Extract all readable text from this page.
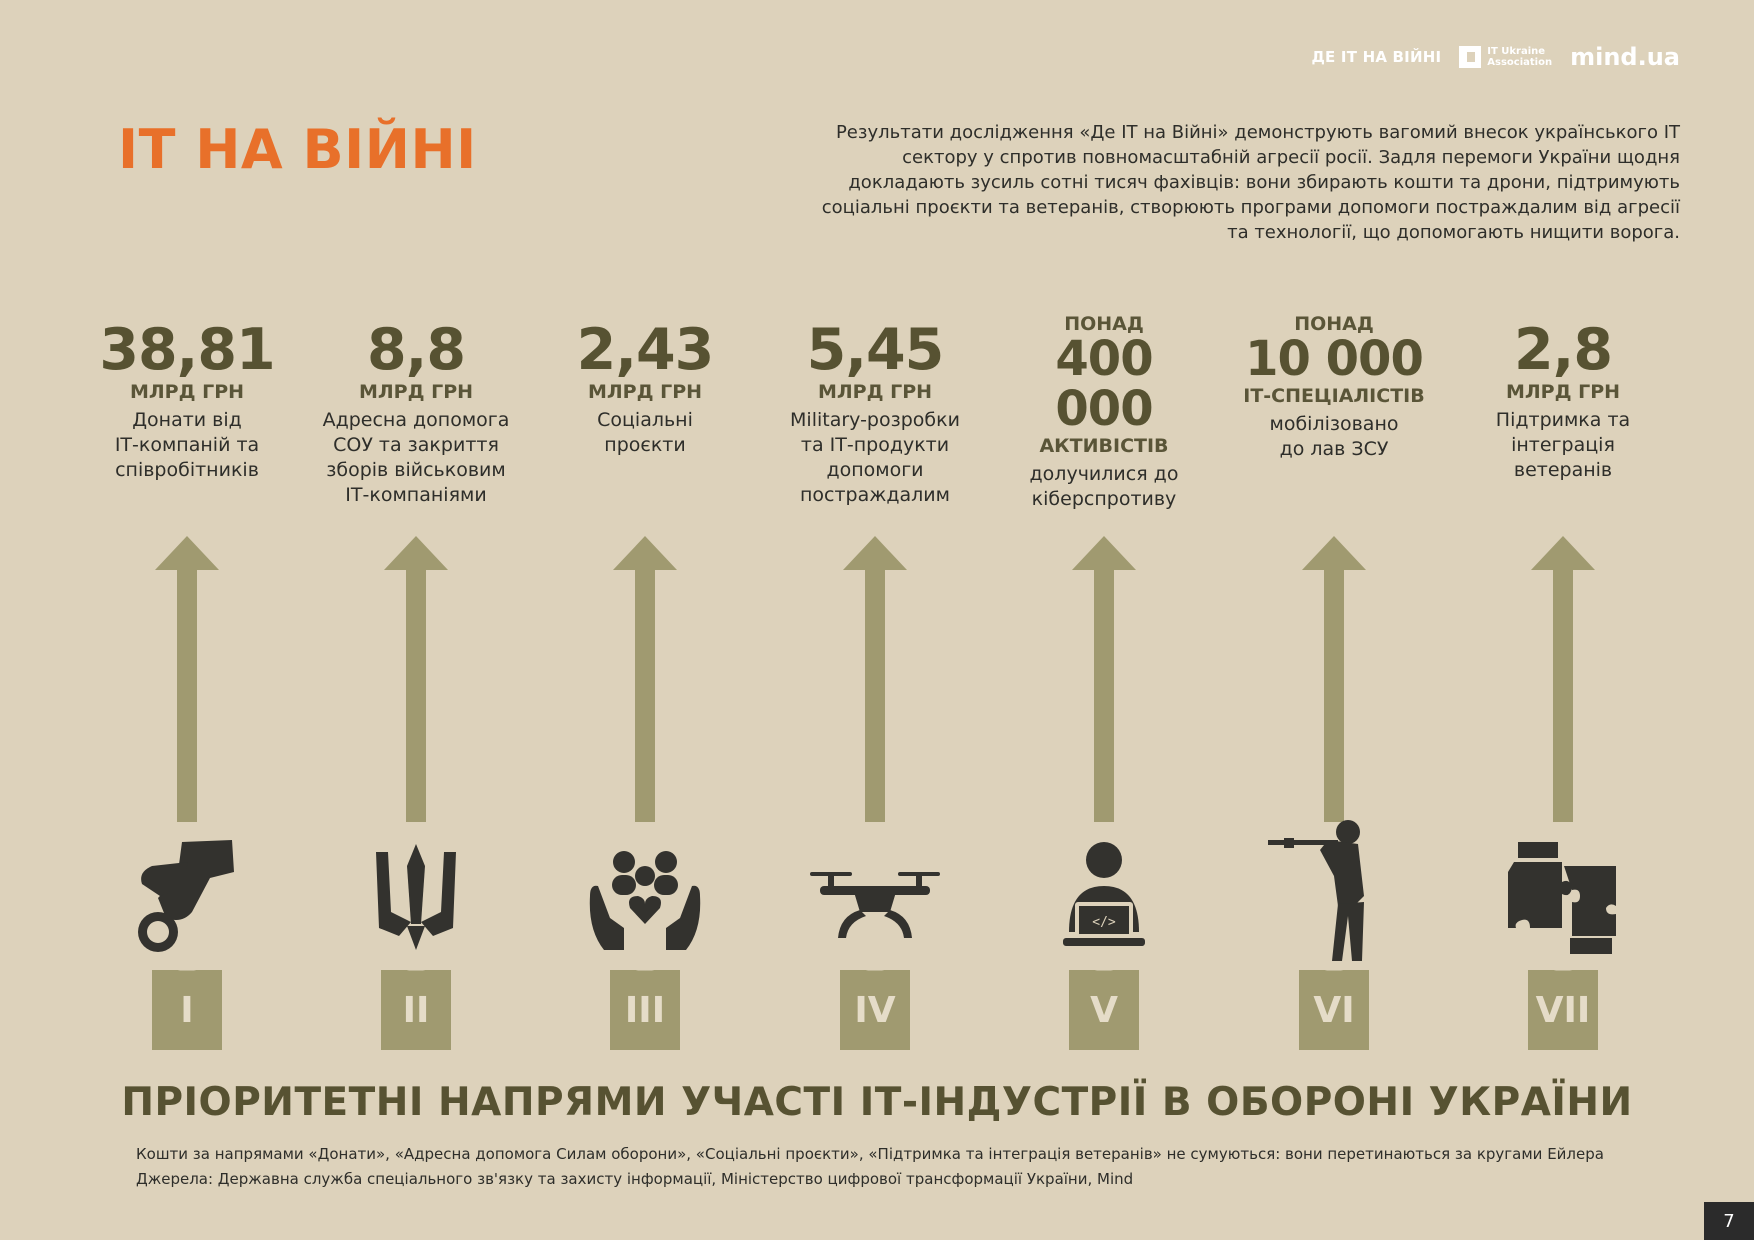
ДЕ ІТ НА ВІЙНІ	IT Ukraine
Association mind.ua
ІТ НА ВІЙНІ	Результати дослідження «Де ІТ на Війні» демонструють вагомий внесок українського ІТ сектору у спротив повномасштабній агресії росії. Задля перемоги України щодня докладають зусиль сотні тисяч фахівців: вони збирають кошти та дрони, підтримують соціальні проєкти та ветеранів, створюють програми допомоги постраждалим від агресії та технології, що допомогають нищити ворога.

38,81
МЛРД ГРН
Донати від
ІТ-компаній та
співробітників
8,8
МЛРД ГРН
Адресна допомога
СОУ та закриття
зборів військовим
ІТ-компаніями
2,43
МЛРД ГРН
Соціальні
проєкти
5,45
МЛРД ГРН
Military-розробки
та ІТ-продукти
допомоги
постраждалим
ПОНАД
400 000
АКТИВІСТІВ
долучилися до
кіберспротиву
ПОНАД
10 000
ІТ-СПЕЦІАЛІСТІВ
мобілізовано
до лав ЗСУ
2,8
МЛРД ГРН
Підтримка та
інтеграція
ветеранів
</>
I	II	III	IV	V	VI	VII
ПРІОРИТЕТНІ НАПРЯМИ УЧАСТІ ІТ-ІНДУСТРІЇ В ОБОРОНІ УКРАЇНИ
Кошти за напрямами «Донати», «Адресна допомога Силам оборони», «Соціальні проєкти», «Підтримка та інтеграція ветеранів» не сумуються: вони перетинаються за кругами Ейлера
Джерела: Державна служба спеціального зв'язку та захисту інформації, Міністерство цифрової трансформації України, Mind
7
